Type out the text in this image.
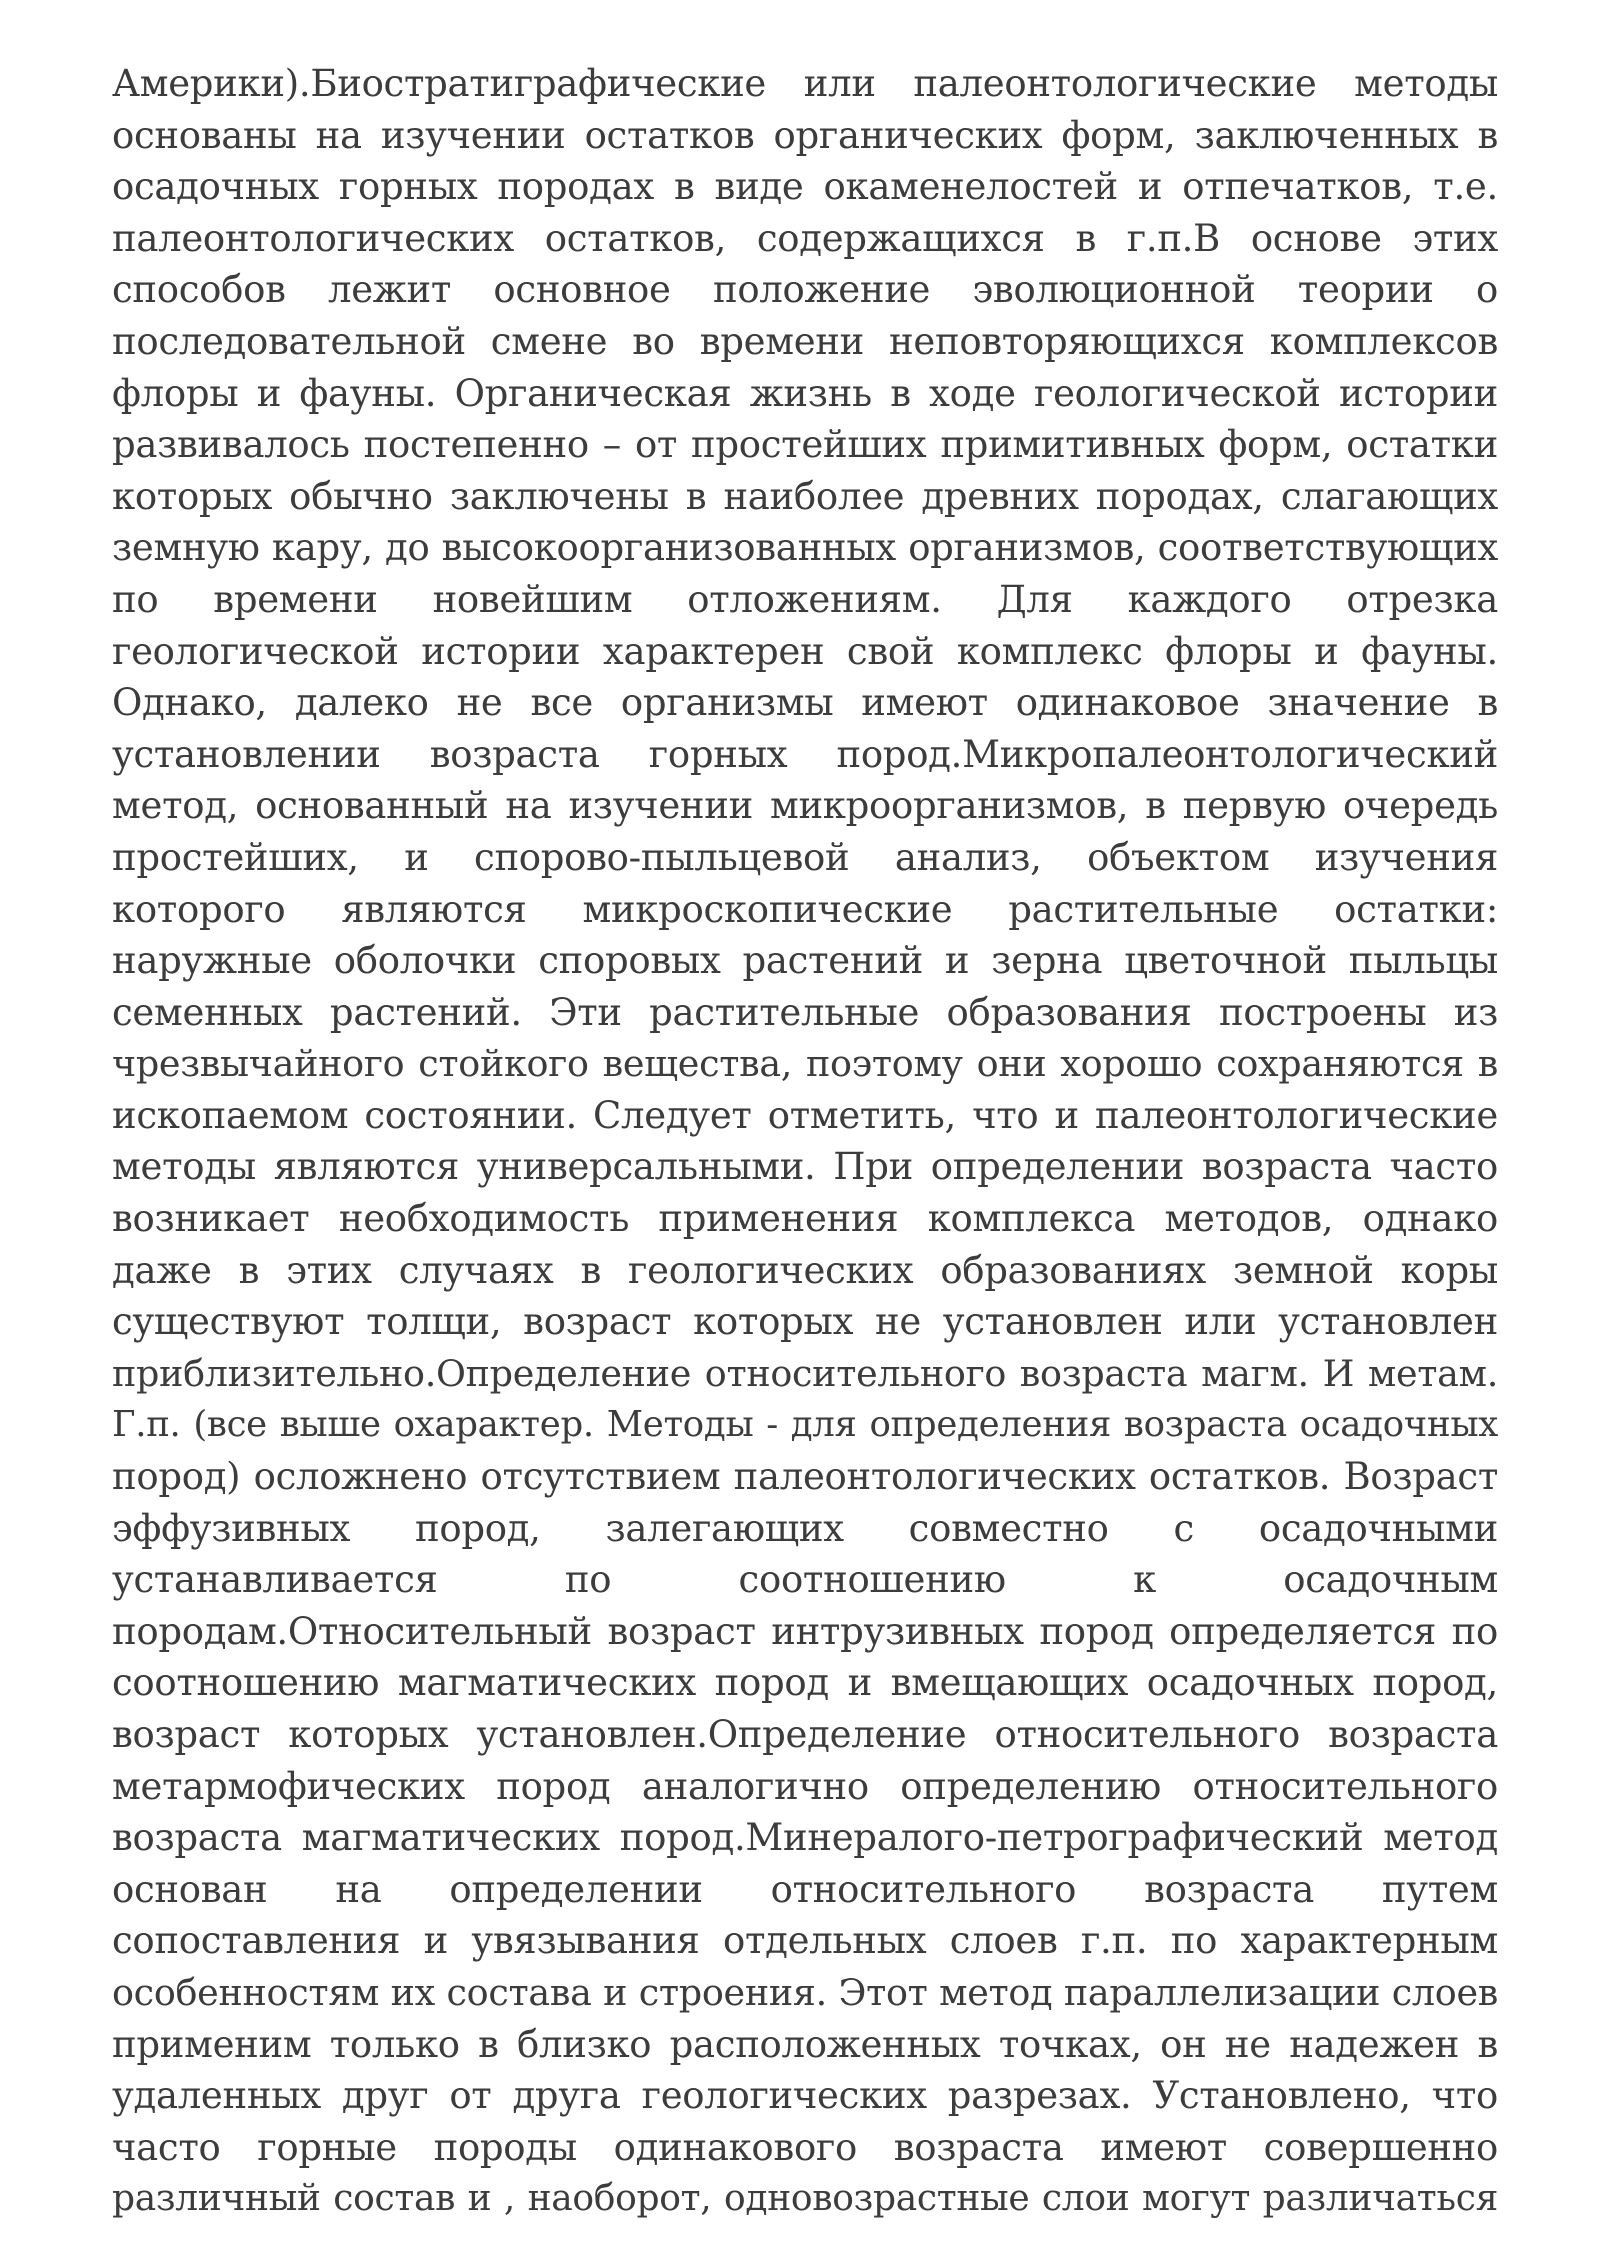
Америки).Биостратиграфические или палеонтологические методы
основаны на изучении остатков органических форм, заключенных в
осадочных горных породах в виде окаменелостей и отпечатков, т.е.
палеонтологических остатков, содержащихся в г.п.В основе этих
способов лежит основное положение эволюционной теории о
последовательной смене во времени неповторяющихся комплексов
флоры и фауны. Органическая жизнь в ходе геологической истории
развивалось постепенно – от простейших примитивных форм, остатки
которых обычно заключены в наиболее древних породах, слагающих
земную кару, до высокоорганизованных организмов, соответствующих
по времени новейшим отложениям. Для каждого отрезка
геологической истории характерен свой комплекс флоры и фауны.
Однако, далеко не все организмы имеют одинаковое значение в
установлении возраста горных пород.Микропалеонтологический
метод, основанный на изучении микроорганизмов, в первую очередь
простейших, и спорово-пыльцевой анализ, объектом изучения
которого являются микроскопические растительные остатки:
наружные оболочки споровых растений и зерна цветочной пыльцы
семенных растений. Эти растительные образования построены из
чрезвычайного стойкого вещества, поэтому они хорошо сохраняются в
ископаемом состоянии. Следует отметить, что и палеонтологические
методы являются универсальными. При определении возраста часто
возникает необходимость применения комплекса методов, однако
даже в этих случаях в геологических образованиях земной коры
существуют толщи, возраст которых не установлен или установлен
приблизительно.Определение относительного возраста магм. И метам.
Г.п. (все выше охарактер. Методы - для определения возраста осадочных
пород) осложнено отсутствием палеонтологических остатков. Возраст
эффузивных пород, залегающих совместно с осадочными
устанавливается по соотношению к осадочным
породам.Относительный возраст интрузивных пород определяется по
соотношению магматических пород и вмещающих осадочных пород,
возраст которых установлен.Определение относительного возраста
метармофических пород аналогично определению относительного
возраста магматических пород.Минералого-петрографический метод
основан на определении относительного возраста путем
сопоставления и увязывания отдельных слоев г.п. по характерным
особенностям их состава и строения. Этот метод параллелизации слоев
применим только в близко расположенных точках, он не надежен в
удаленных друг от друга геологических разрезах. Установлено, что
часто горные породы одинакового возраста имеют совершенно
различный состав и , наоборот, одновозрастные слои могут различаться
